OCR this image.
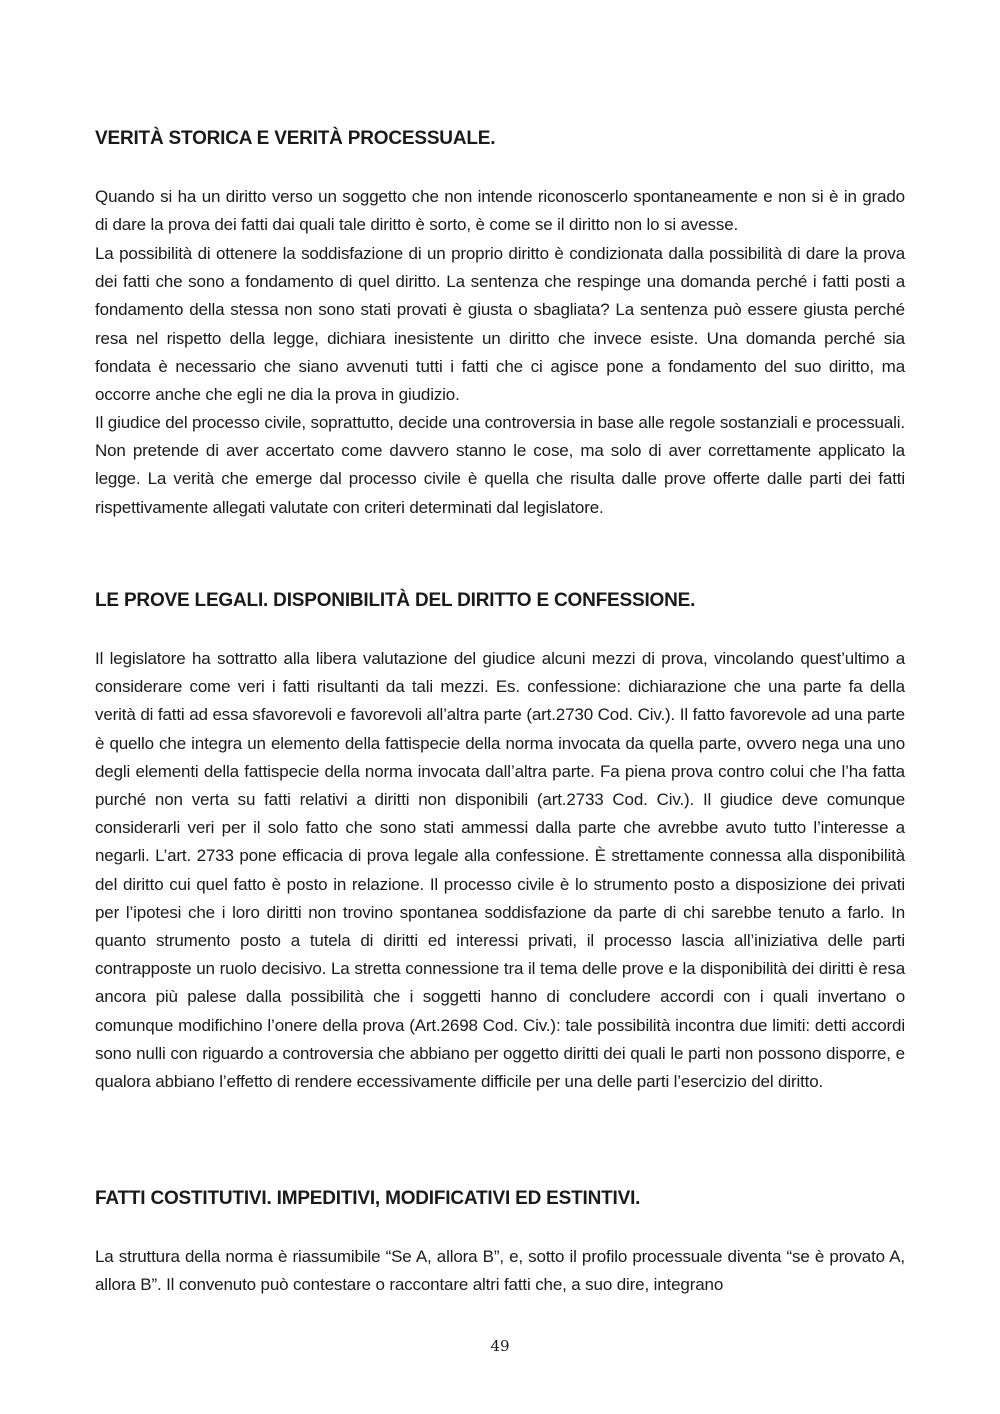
VERITÀ STORICA E VERITÀ PROCESSUALE.

Quando si ha un diritto verso un soggetto che non intende riconoscerlo spontaneamente e non si è in grado di dare la prova dei fatti dai quali tale diritto è sorto, è come se il diritto non lo si avesse.

La possibilità di ottenere la soddisfazione di un proprio diritto è condizionata dalla possibilità di dare la prova dei fatti che sono a fondamento di quel diritto. La sentenza che respinge una domanda perché i fatti posti a fondamento della stessa non sono stati provati è giusta o sbagliata? La sentenza può essere giusta perché resa nel rispetto della legge, dichiara inesistente un diritto che invece esiste. Una domanda perché sia fondata è necessario che siano avvenuti tutti i fatti che ci agisce pone a fondamento del suo diritto, ma occorre anche che egli ne dia la prova in giudizio.

Il giudice del processo civile, soprattutto, decide una controversia in base alle regole sostanziali e processuali. Non pretende di aver accertato come davvero stanno le cose, ma solo di aver correttamente applicato la legge. La verità che emerge dal processo civile è quella che risulta dalle prove offerte dalle parti dei fatti rispettivamente allegati valutate con criteri determinati dal legislatore.

LE PROVE LEGALI. DISPONIBILITÀ DEL DIRITTO E CONFESSIONE.

Il legislatore ha sottratto alla libera valutazione del giudice alcuni mezzi di prova, vincolando quest’ultimo a considerare come veri i fatti risultanti da tali mezzi. Es. confessione: dichiarazione che una parte fa della verità di fatti ad essa sfavorevoli e favorevoli all’altra parte (art.2730 Cod. Civ.). Il fatto favorevole ad una parte è quello che integra un elemento della fattispecie della norma invocata da quella parte, ovvero nega una uno degli elementi della fattispecie della norma invocata dall’altra parte. Fa piena prova contro colui che l’ha fatta purché non verta su fatti relativi a diritti non disponibili (art.2733 Cod. Civ.). Il giudice deve comunque considerarli veri per il solo fatto che sono stati ammessi dalla parte che avrebbe avuto tutto l’interesse a negarli. L’art. 2733 pone efficacia di prova legale alla confessione. È strettamente connessa alla disponibilità del diritto cui quel fatto è posto in relazione. Il processo civile è lo strumento posto a disposizione dei privati per l’ipotesi che i loro diritti non trovino spontanea soddisfazione da parte di chi sarebbe tenuto a farlo. In quanto strumento posto a tutela di diritti ed interessi privati, il processo lascia all’iniziativa delle parti contrapposte un ruolo decisivo. La stretta connessione tra il tema delle prove e la disponibilità dei diritti è resa ancora più palese dalla possibilità che i soggetti hanno di concludere accordi con i quali invertano o comunque modifichino l’onere della prova (Art.2698 Cod. Civ.): tale possibilità incontra due limiti: detti accordi sono nulli con riguardo a controversia che abbiano per oggetto diritti dei quali le parti non possono disporre, e qualora abbiano l’effetto di rendere eccessivamente difficile per una delle parti l’esercizio del diritto.

FATTI COSTITUTIVI. IMPEDITIVI, MODIFICATIVI ED ESTINTIVI.

La struttura della norma è riassumibile “Se A, allora B”, e, sotto il profilo processuale diventa “se è provato A, allora B”. Il convenuto può contestare o raccontare altri fatti che, a suo dire, integrano

49
